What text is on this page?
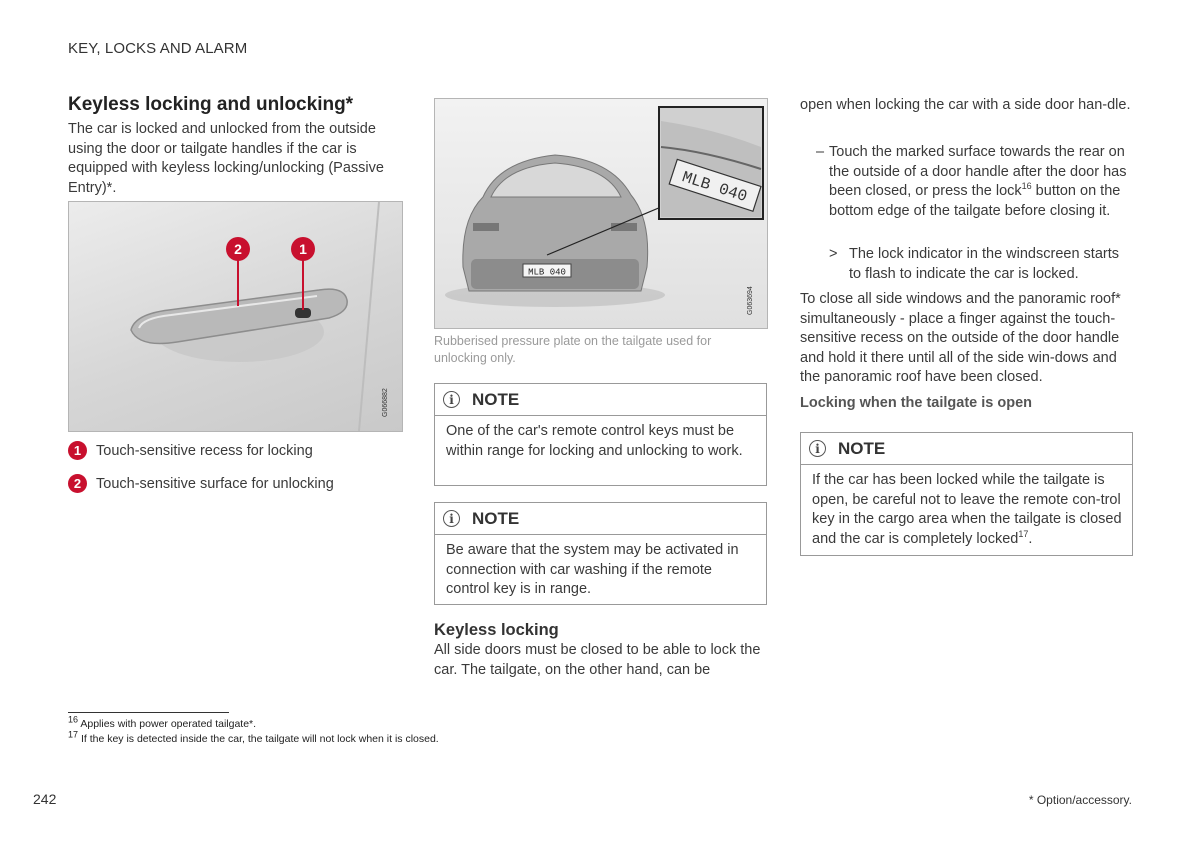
KEY, LOCKS AND ALARM
Keyless locking and unlocking*
The car is locked and unlocked from the outside using the door or tailgate handles if the car is equipped with keyless locking/unlocking (Passive Entry)*.
2	1
G066882
1	Touch-sensitive recess for locking
2	Touch-sensitive surface for unlocking
MLB 040
MLB 040
G063694
Rubberised pressure plate on the tailgate used for unlocking only.
i	NOTE
One of the car's remote control keys must be within range for locking and unlocking to work.
i	NOTE
Be aware that the system may be activated in connection with car washing if the remote control key is in range.
Keyless locking
All side doors must be closed to be able to lock the car. The tailgate, on the other hand, can be
open when locking the car with a side door han-dle.
– Touch the marked surface towards the rear on the outside of a door handle after the door has been closed, or press the lock$^{16}$ button on the bottom edge of the tailgate before closing it.
> The lock indicator in the windscreen starts to flash to indicate the car is locked.
To close all side windows and the panoramic roof* simultaneously - place a finger against the touch-sensitive recess on the outside of the door handle and hold it there until all of the side win-dows and the panoramic roof have been closed.
Locking when the tailgate is open
i	NOTE
If the car has been locked while the tailgate is open, be careful not to leave the remote con-trol key in the cargo area when the tailgate is closed and the car is completely locked$^{17}$.
$^{16}$ Applies with power operated tailgate*.
$^{17}$ If the key is detected inside the car, the tailgate will not lock when it is closed.
242	* Option/accessory.
